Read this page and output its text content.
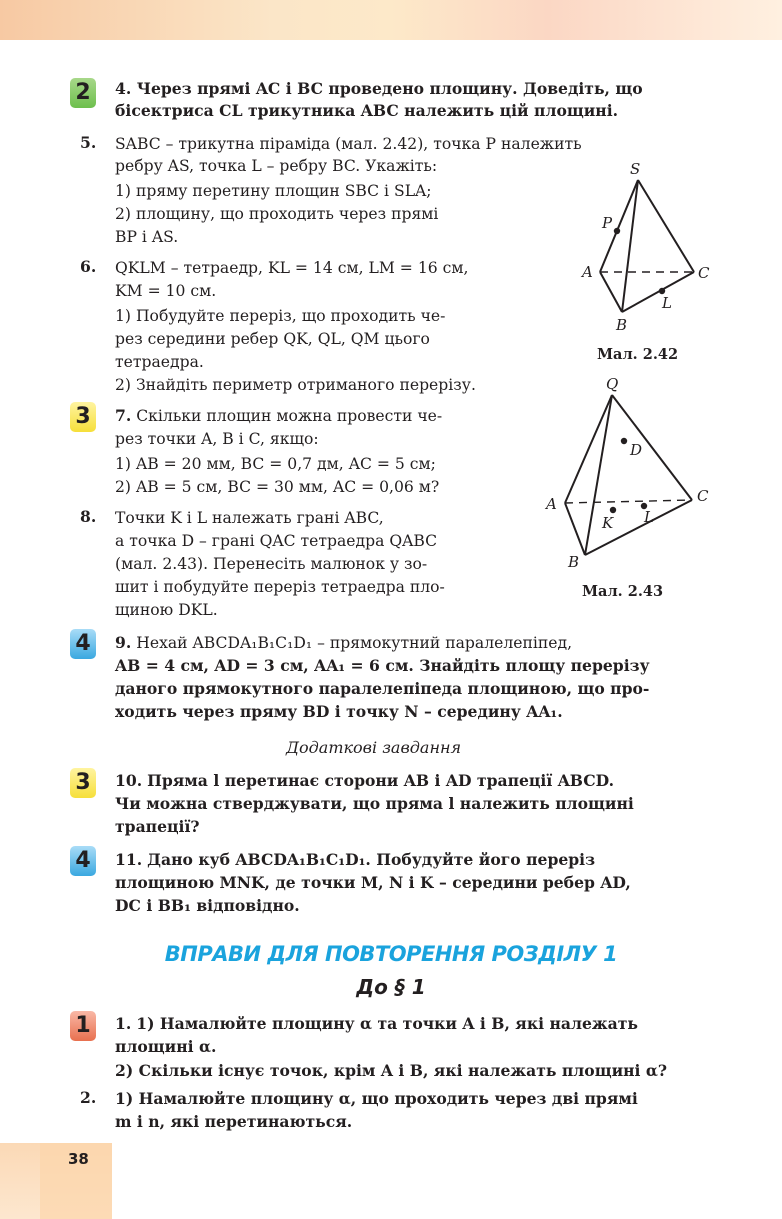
2	4. Через прямі AC і BC проведено площину. Доведіть, що
бісектриса CL трикутника ABC належить цій площині.
5. SABC – трикутна піраміда (мал. 2.42), точка P належить
ребру AS, точка L – ребру BC. Укажіть:
1) пряму перетину площин SBC і SLA;
2) площину, що проходить через прямі
BP і AS.
S
P
A	C
L
B
Мал. 2.42
6. QKLM – тетраедр, KL = 14 см, LM = 16 см,
KM = 10 см.
1) Побудуйте переріз, що проходить че-
рез середини ребер QK, QL, QM цього
тетраедра.
2) Знайдіть периметр отриманого перерізу.
3	7. Скільки площин можна провести че-
рез точки A, B і C, якщо:
1) AB = 20 мм, BC = 0,7 дм, AC = 5 см;
2) AB = 5 см, BC = 30 мм, AC = 0,06 м?
Q
D
A	C
K L
B
Мал. 2.43
8. Точки K і L належать грані ABC,
а точка D – грані QAC тетраедра QABC
(мал. 2.43). Перенесіть малюнок у зо-
шит і побудуйте переріз тетраедра пло-
щиною DKL.
4	9. Нехай ABCDA₁B₁C₁D₁ – прямокутний паралелепіпед,
AB = 4 см, AD = 3 см, AA₁ = 6 см. Знайдіть площу перерізу
даного прямокутного паралелепіпеда площиною, що про-
ходить через пряму BD і точку N – середину AA₁.
Додаткові завдання
3	10. Пряма l перетинає сторони AB і AD трапеції ABCD.
Чи можна стверджувати, що пряма l належить площині
трапеції?
4	11. Дано куб ABCDA₁B₁C₁D₁. Побудуйте його переріз
площиною MNK, де точки M, N і K – середини ребер AD,
DC і BB₁ відповідно.
ВПРАВИ ДЛЯ ПОВТОРЕННЯ РОЗДІЛУ 1
До § 1
1	1. 1) Намалюйте площину α та точки A і B, які належать
площині α.
2) Скільки існує точок, крім A і B, які належать площині α?
2. 1) Намалюйте площину α, що проходить через дві прямі
m і n, які перетинаються.
38
